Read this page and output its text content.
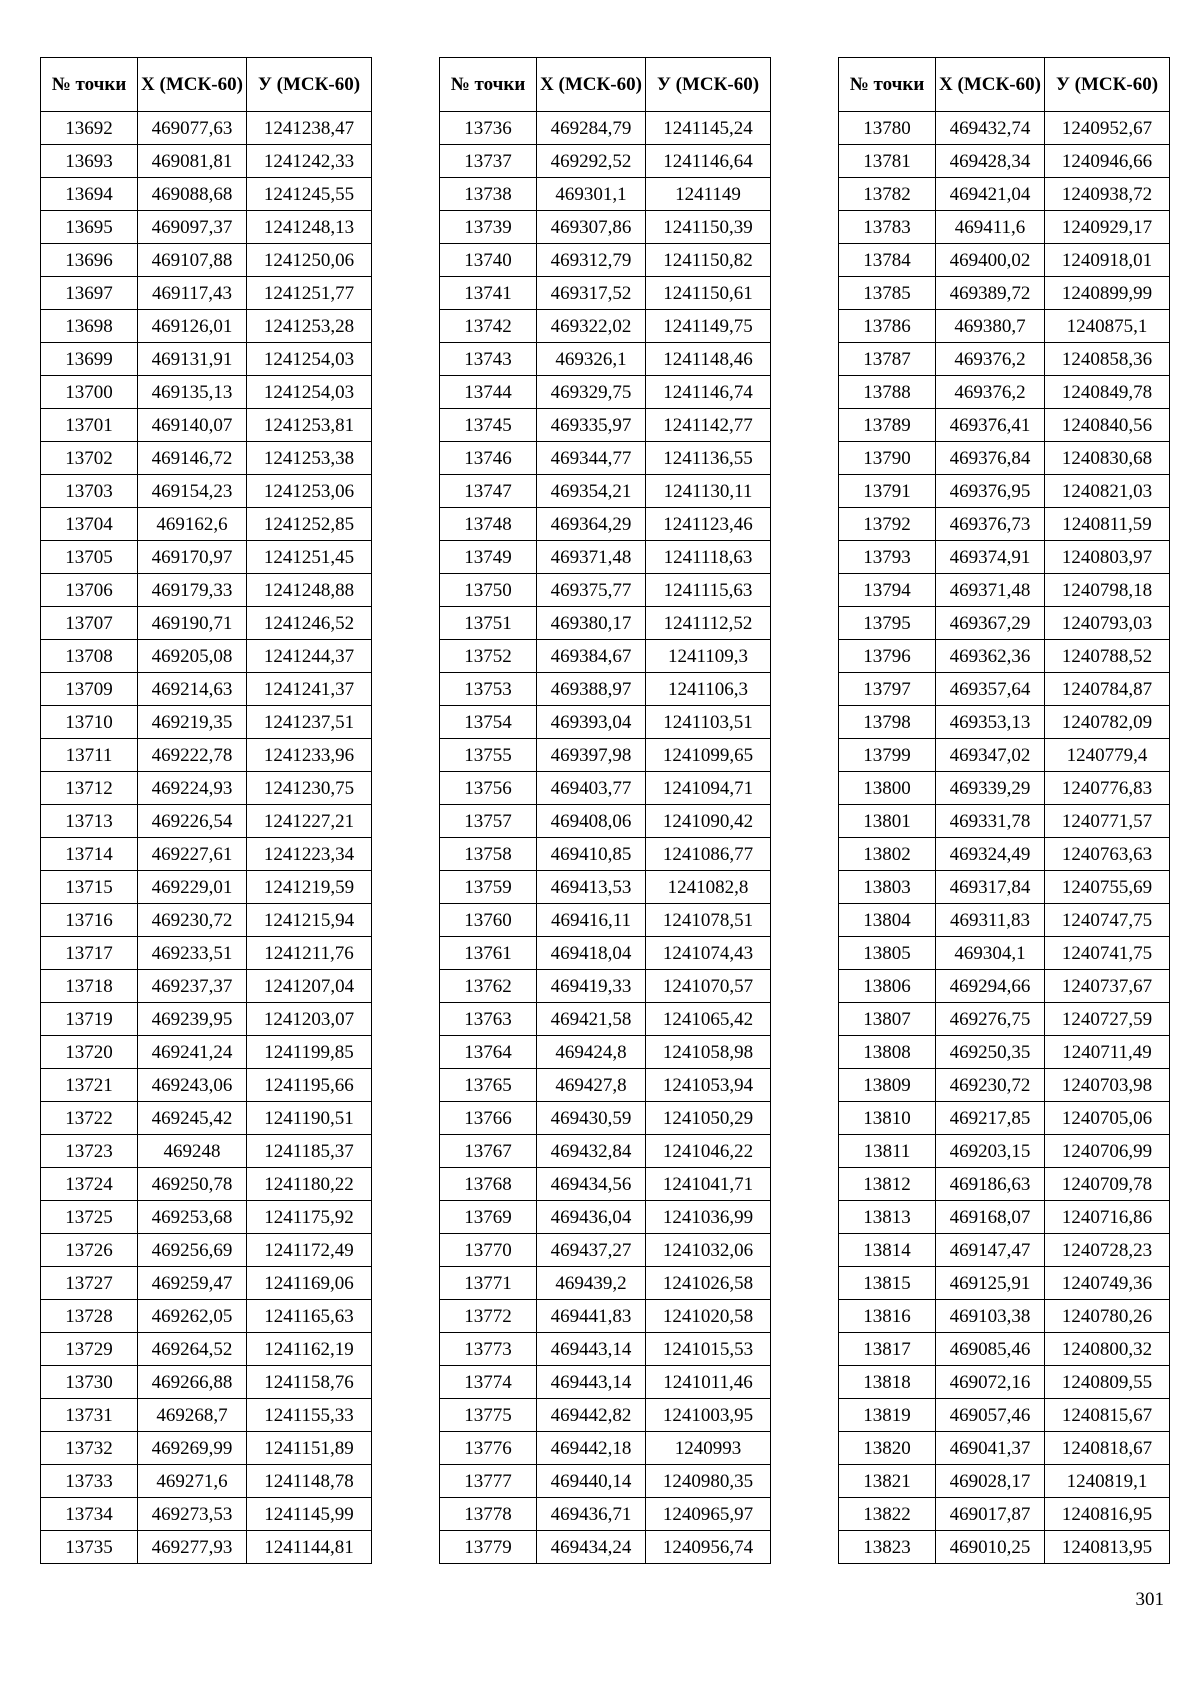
№ точки	Х (МСК-60)	У (МСК-60)
13692	469077,63	1241238,47
13693	469081,81	1241242,33
13694	469088,68	1241245,55
13695	469097,37	1241248,13
13696	469107,88	1241250,06
13697	469117,43	1241251,77
13698	469126,01	1241253,28
13699	469131,91	1241254,03
13700	469135,13	1241254,03
13701	469140,07	1241253,81
13702	469146,72	1241253,38
13703	469154,23	1241253,06
13704	469162,6	1241252,85
13705	469170,97	1241251,45
13706	469179,33	1241248,88
13707	469190,71	1241246,52
13708	469205,08	1241244,37
13709	469214,63	1241241,37
13710	469219,35	1241237,51
13711	469222,78	1241233,96
13712	469224,93	1241230,75
13713	469226,54	1241227,21
13714	469227,61	1241223,34
13715	469229,01	1241219,59
13716	469230,72	1241215,94
13717	469233,51	1241211,76
13718	469237,37	1241207,04
13719	469239,95	1241203,07
13720	469241,24	1241199,85
13721	469243,06	1241195,66
13722	469245,42	1241190,51
13723	469248	1241185,37
13724	469250,78	1241180,22
13725	469253,68	1241175,92
13726	469256,69	1241172,49
13727	469259,47	1241169,06
13728	469262,05	1241165,63
13729	469264,52	1241162,19
13730	469266,88	1241158,76
13731	469268,7	1241155,33
13732	469269,99	1241151,89
13733	469271,6	1241148,78
13734	469273,53	1241145,99
13735	469277,93	1241144,81
№ точки	Х (МСК-60)	У (МСК-60)
13736	469284,79	1241145,24
13737	469292,52	1241146,64
13738	469301,1	1241149
13739	469307,86	1241150,39
13740	469312,79	1241150,82
13741	469317,52	1241150,61
13742	469322,02	1241149,75
13743	469326,1	1241148,46
13744	469329,75	1241146,74
13745	469335,97	1241142,77
13746	469344,77	1241136,55
13747	469354,21	1241130,11
13748	469364,29	1241123,46
13749	469371,48	1241118,63
13750	469375,77	1241115,63
13751	469380,17	1241112,52
13752	469384,67	1241109,3
13753	469388,97	1241106,3
13754	469393,04	1241103,51
13755	469397,98	1241099,65
13756	469403,77	1241094,71
13757	469408,06	1241090,42
13758	469410,85	1241086,77
13759	469413,53	1241082,8
13760	469416,11	1241078,51
13761	469418,04	1241074,43
13762	469419,33	1241070,57
13763	469421,58	1241065,42
13764	469424,8	1241058,98
13765	469427,8	1241053,94
13766	469430,59	1241050,29
13767	469432,84	1241046,22
13768	469434,56	1241041,71
13769	469436,04	1241036,99
13770	469437,27	1241032,06
13771	469439,2	1241026,58
13772	469441,83	1241020,58
13773	469443,14	1241015,53
13774	469443,14	1241011,46
13775	469442,82	1241003,95
13776	469442,18	1240993
13777	469440,14	1240980,35
13778	469436,71	1240965,97
13779	469434,24	1240956,74
№ точки	Х (МСК-60)	У (МСК-60)
13780	469432,74	1240952,67
13781	469428,34	1240946,66
13782	469421,04	1240938,72
13783	469411,6	1240929,17
13784	469400,02	1240918,01
13785	469389,72	1240899,99
13786	469380,7	1240875,1
13787	469376,2	1240858,36
13788	469376,2	1240849,78
13789	469376,41	1240840,56
13790	469376,84	1240830,68
13791	469376,95	1240821,03
13792	469376,73	1240811,59
13793	469374,91	1240803,97
13794	469371,48	1240798,18
13795	469367,29	1240793,03
13796	469362,36	1240788,52
13797	469357,64	1240784,87
13798	469353,13	1240782,09
13799	469347,02	1240779,4
13800	469339,29	1240776,83
13801	469331,78	1240771,57
13802	469324,49	1240763,63
13803	469317,84	1240755,69
13804	469311,83	1240747,75
13805	469304,1	1240741,75
13806	469294,66	1240737,67
13807	469276,75	1240727,59
13808	469250,35	1240711,49
13809	469230,72	1240703,98
13810	469217,85	1240705,06
13811	469203,15	1240706,99
13812	469186,63	1240709,78
13813	469168,07	1240716,86
13814	469147,47	1240728,23
13815	469125,91	1240749,36
13816	469103,38	1240780,26
13817	469085,46	1240800,32
13818	469072,16	1240809,55
13819	469057,46	1240815,67
13820	469041,37	1240818,67
13821	469028,17	1240819,1
13822	469017,87	1240816,95
13823	469010,25	1240813,95
301
